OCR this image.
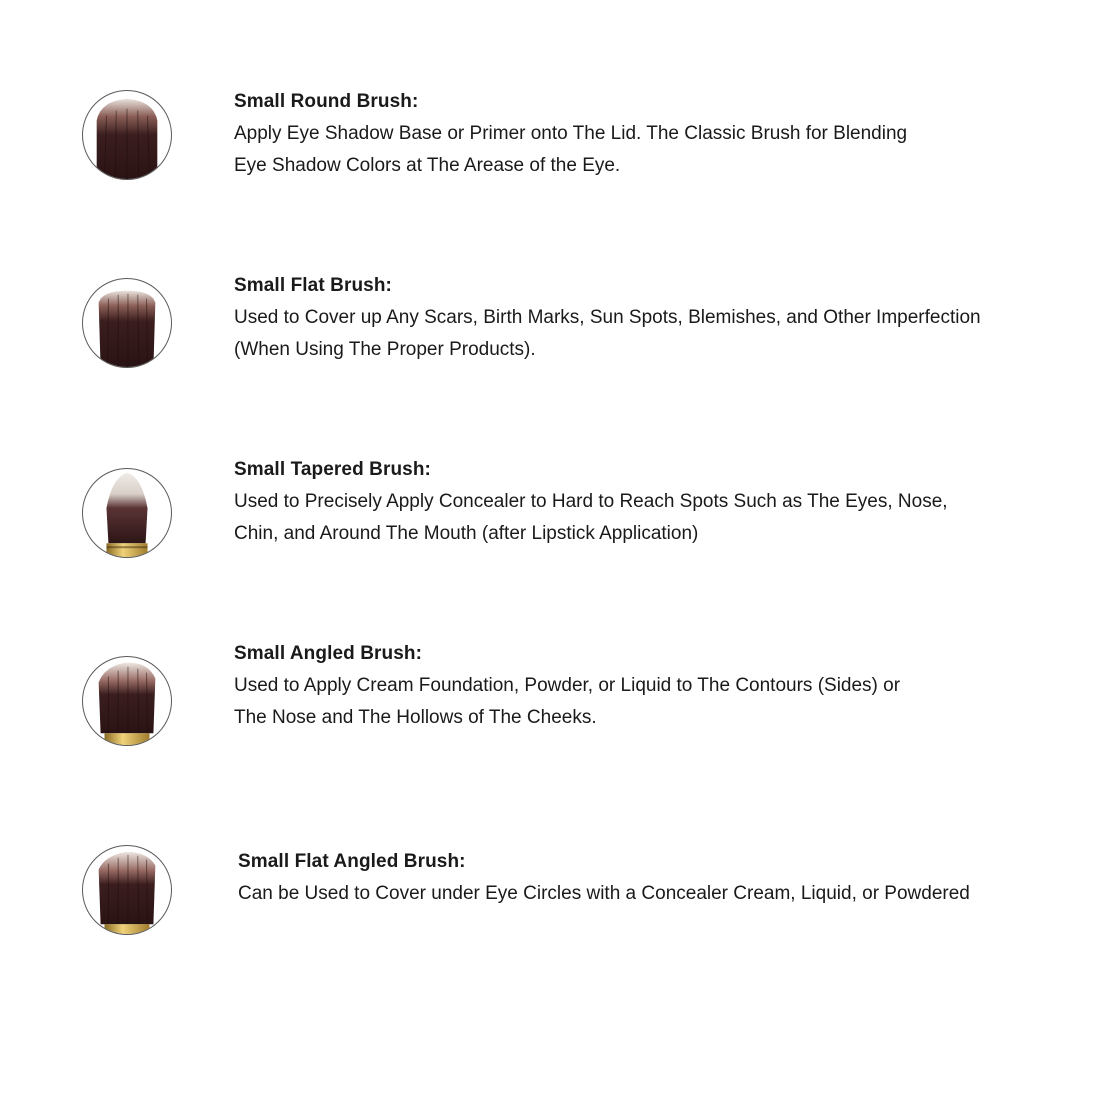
Small Round Brush:
Apply Eye Shadow Base or Primer onto The Lid. The Classic Brush for Blending
Eye Shadow Colors at The Arease of the Eye.
Small Flat Brush:
Used to Cover up Any Scars, Birth Marks, Sun Spots, Blemishes, and Other Imperfection
(When Using The Proper Products).
Small Tapered Brush:
Used to Precisely Apply Concealer to Hard to Reach Spots Such as The Eyes, Nose,
Chin, and Around The Mouth (after Lipstick Application)
Small Angled Brush:
Used to Apply Cream Foundation, Powder, or Liquid to The Contours (Sides) or
The Nose and The Hollows of The Cheeks.
Small Flat Angled Brush:
Can be Used to Cover under Eye Circles with a Concealer Cream, Liquid, or Powdered
